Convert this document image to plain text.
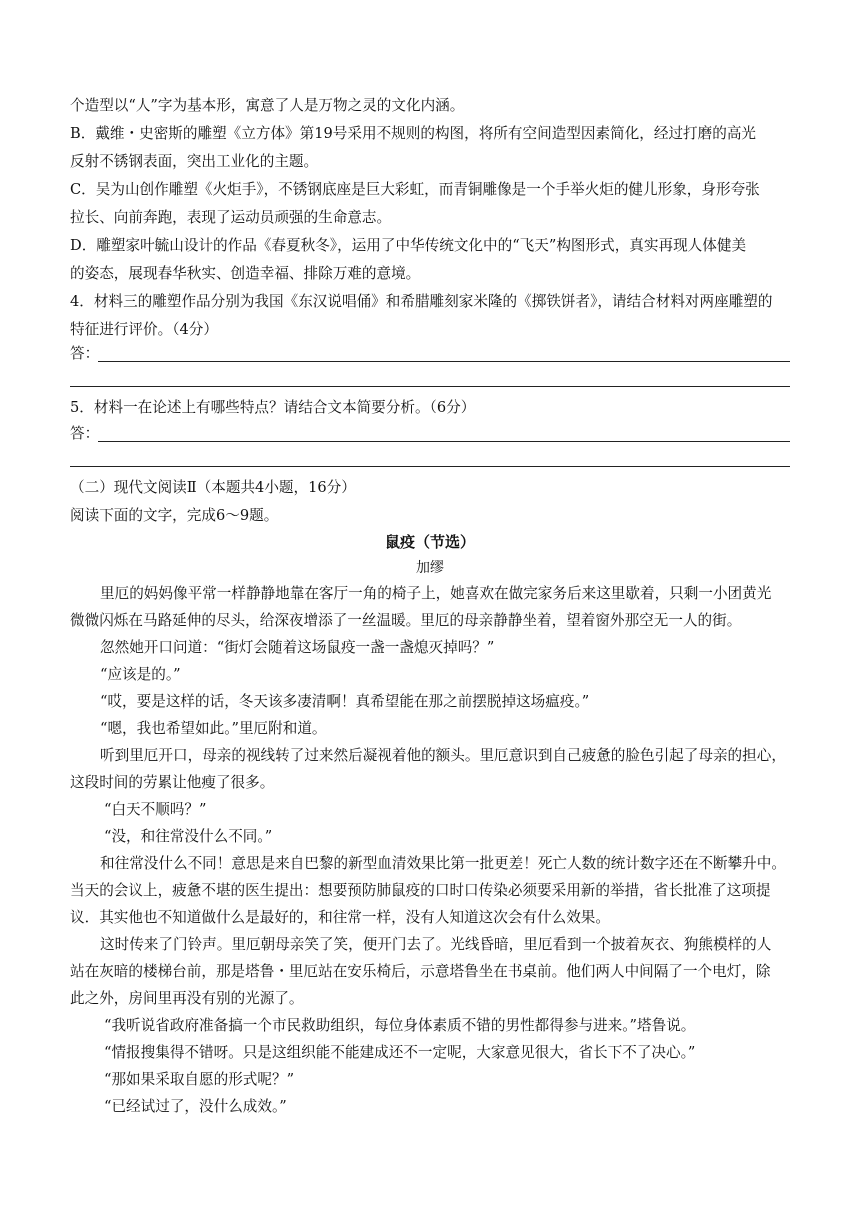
个造型以“人”字为基本形，寓意了人是万物之灵的文化内涵。
B．戴维・史密斯的雕塑《立方体》第19号采用不规则的构图，将所有空间造型因素简化，经过打磨的高光
反射不锈钢表面，突出工业化的主题。
C．吴为山创作雕塑《火炬手》，不锈钢底座是巨大彩虹，而青铜雕像是一个手举火炬的健儿形象，身形夸张
拉长、向前奔跑，表现了运动员顽强的生命意志。
D．雕塑家叶毓山设计的作品《春夏秋冬》，运用了中华传统文化中的“飞天”构图形式，真实再现人体健美
的姿态，展现春华秋实、创造幸福、排除万难的意境。
4．材料三的雕塑作品分别为我国《东汉说唱俑》和希腊雕刻家米隆的《掷铁饼者》，请结合材料对两座雕塑的
特征进行评价。（4分）
答：
5．材料一在论述上有哪些特点？请结合文本简要分析。（6分）
答：
（二）现代文阅读Ⅱ（本题共4小题，16分）
阅读下面的文字，完成6～9题。
鼠疫（节选）
加缪
里厄的妈妈像平常一样静静地靠在客厅一角的椅子上，她喜欢在做完家务后来这里歇着，只剩一小团黄光
微微闪烁在马路延伸的尽头，给深夜增添了一丝温暖。里厄的母亲静静坐着，望着窗外那空无一人的街。
忽然她开口问道：“街灯会随着这场鼠疫一盏一盏熄灭掉吗？”
“应该是的。”
“哎，要是这样的话，冬天该多凄清啊！真希望能在那之前摆脱掉这场瘟疫。”
“嗯，我也希望如此。”里厄附和道。
听到里厄开口，母亲的视线转了过来然后凝视着他的额头。里厄意识到自己疲惫的脸色引起了母亲的担心，
这段时间的劳累让他瘦了很多。
“白天不顺吗？”
“没，和往常没什么不同。”
和往常没什么不同！意思是来自巴黎的新型血清效果比第一批更差！死亡人数的统计数字还在不断攀升中。
当天的会议上，疲惫不堪的医生提出：想要预防肺鼠疫的口时口传染必须要采用新的举措，省长批准了这项提
议．其实他也不知道做什么是最好的，和往常一样，没有人知道这次会有什么效果。
这时传来了门铃声。里厄朝母亲笑了笑，便开门去了。光线昏暗，里厄看到一个披着灰衣、狗熊模样的人
站在灰暗的楼梯台前，那是塔鲁・里厄站在安乐椅后，示意塔鲁坐在书桌前。他们两人中间隔了一个电灯，除
此之外，房间里再没有别的光源了。
“我听说省政府准备搞一个市民救助组织，每位身体素质不错的男性都得参与进来。”塔鲁说。
“情报搜集得不错呀。只是这组织能不能建成还不一定呢，大家意见很大，省长下不了决心。”
“那如果采取自愿的形式呢？”
“已经试过了，没什么成效。”
